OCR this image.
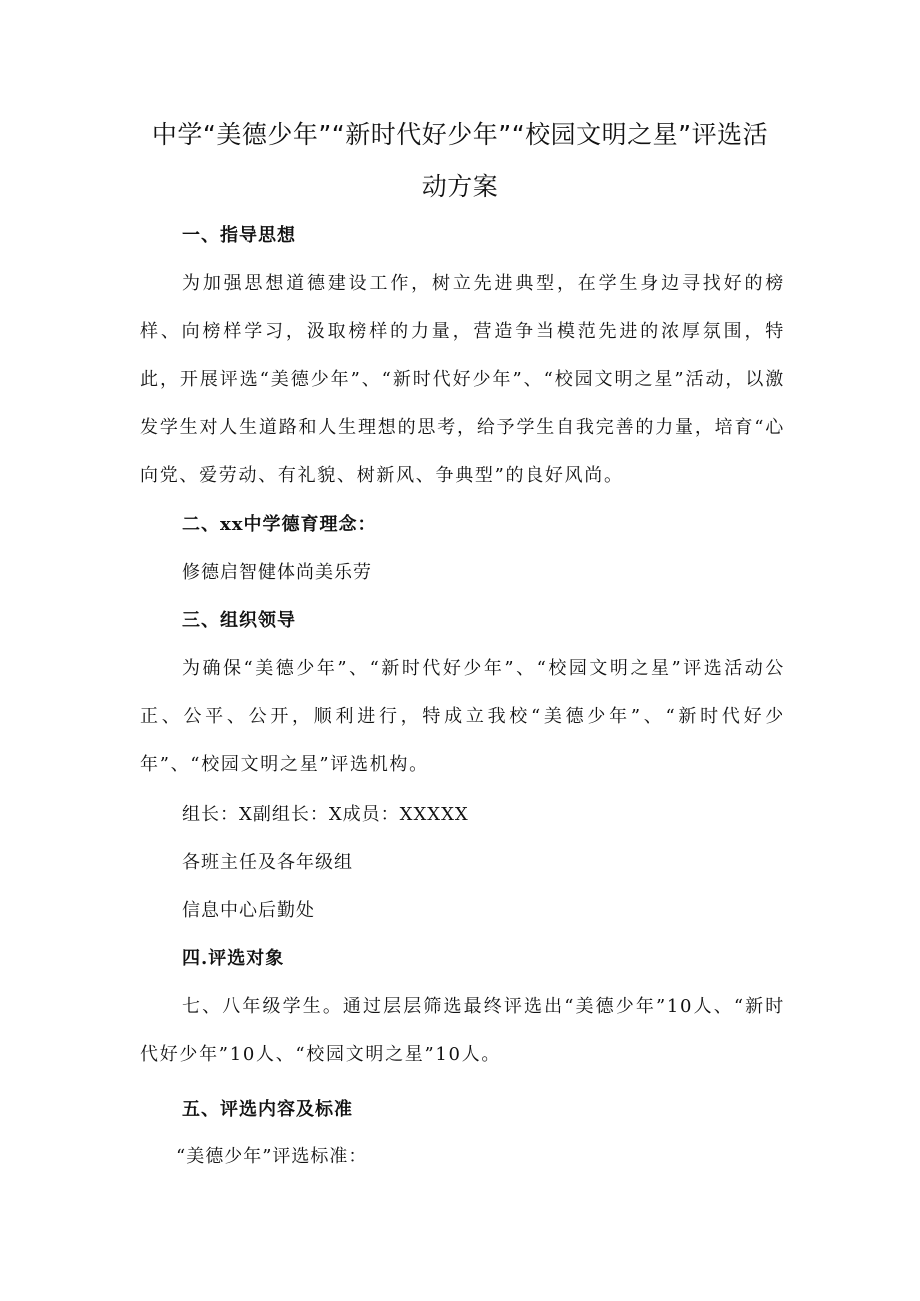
中学“美德少年”“新时代好少年”“校园文明之星”评选活
动方案
一、指导思想
为加强思想道德建设工作，树立先进典型，在学生身边寻找好的榜样、向榜样学习，汲取榜样的力量，营造争当模范先进的浓厚氛围，特此，开展评选“美德少年”、“新时代好少年”、“校园文明之星”活动，以激发学生对人生道路和人生理想的思考，给予学生自我完善的力量，培育“心向党、爱劳动、有礼貌、树新风、争典型”的良好风尚。
二、xx中学德育理念：
修德启智健体尚美乐劳
三、组织领导
为确保“美德少年”、“新时代好少年”、“校园文明之星”评选活动公正、公平、公开，顺利进行，特成立我校“美德少年”、“新时代好少年”、“校园文明之星”评选机构。
组长：X副组长：X成员：XXXXX
各班主任及各年级组
信息中心后勤处
四.评选对象
七、八年级学生。通过层层筛选最终评选出“美德少年”10人、“新时代好少年”10人、“校园文明之星”10人。
五、评选内容及标准
“美德少年”评选标准：
